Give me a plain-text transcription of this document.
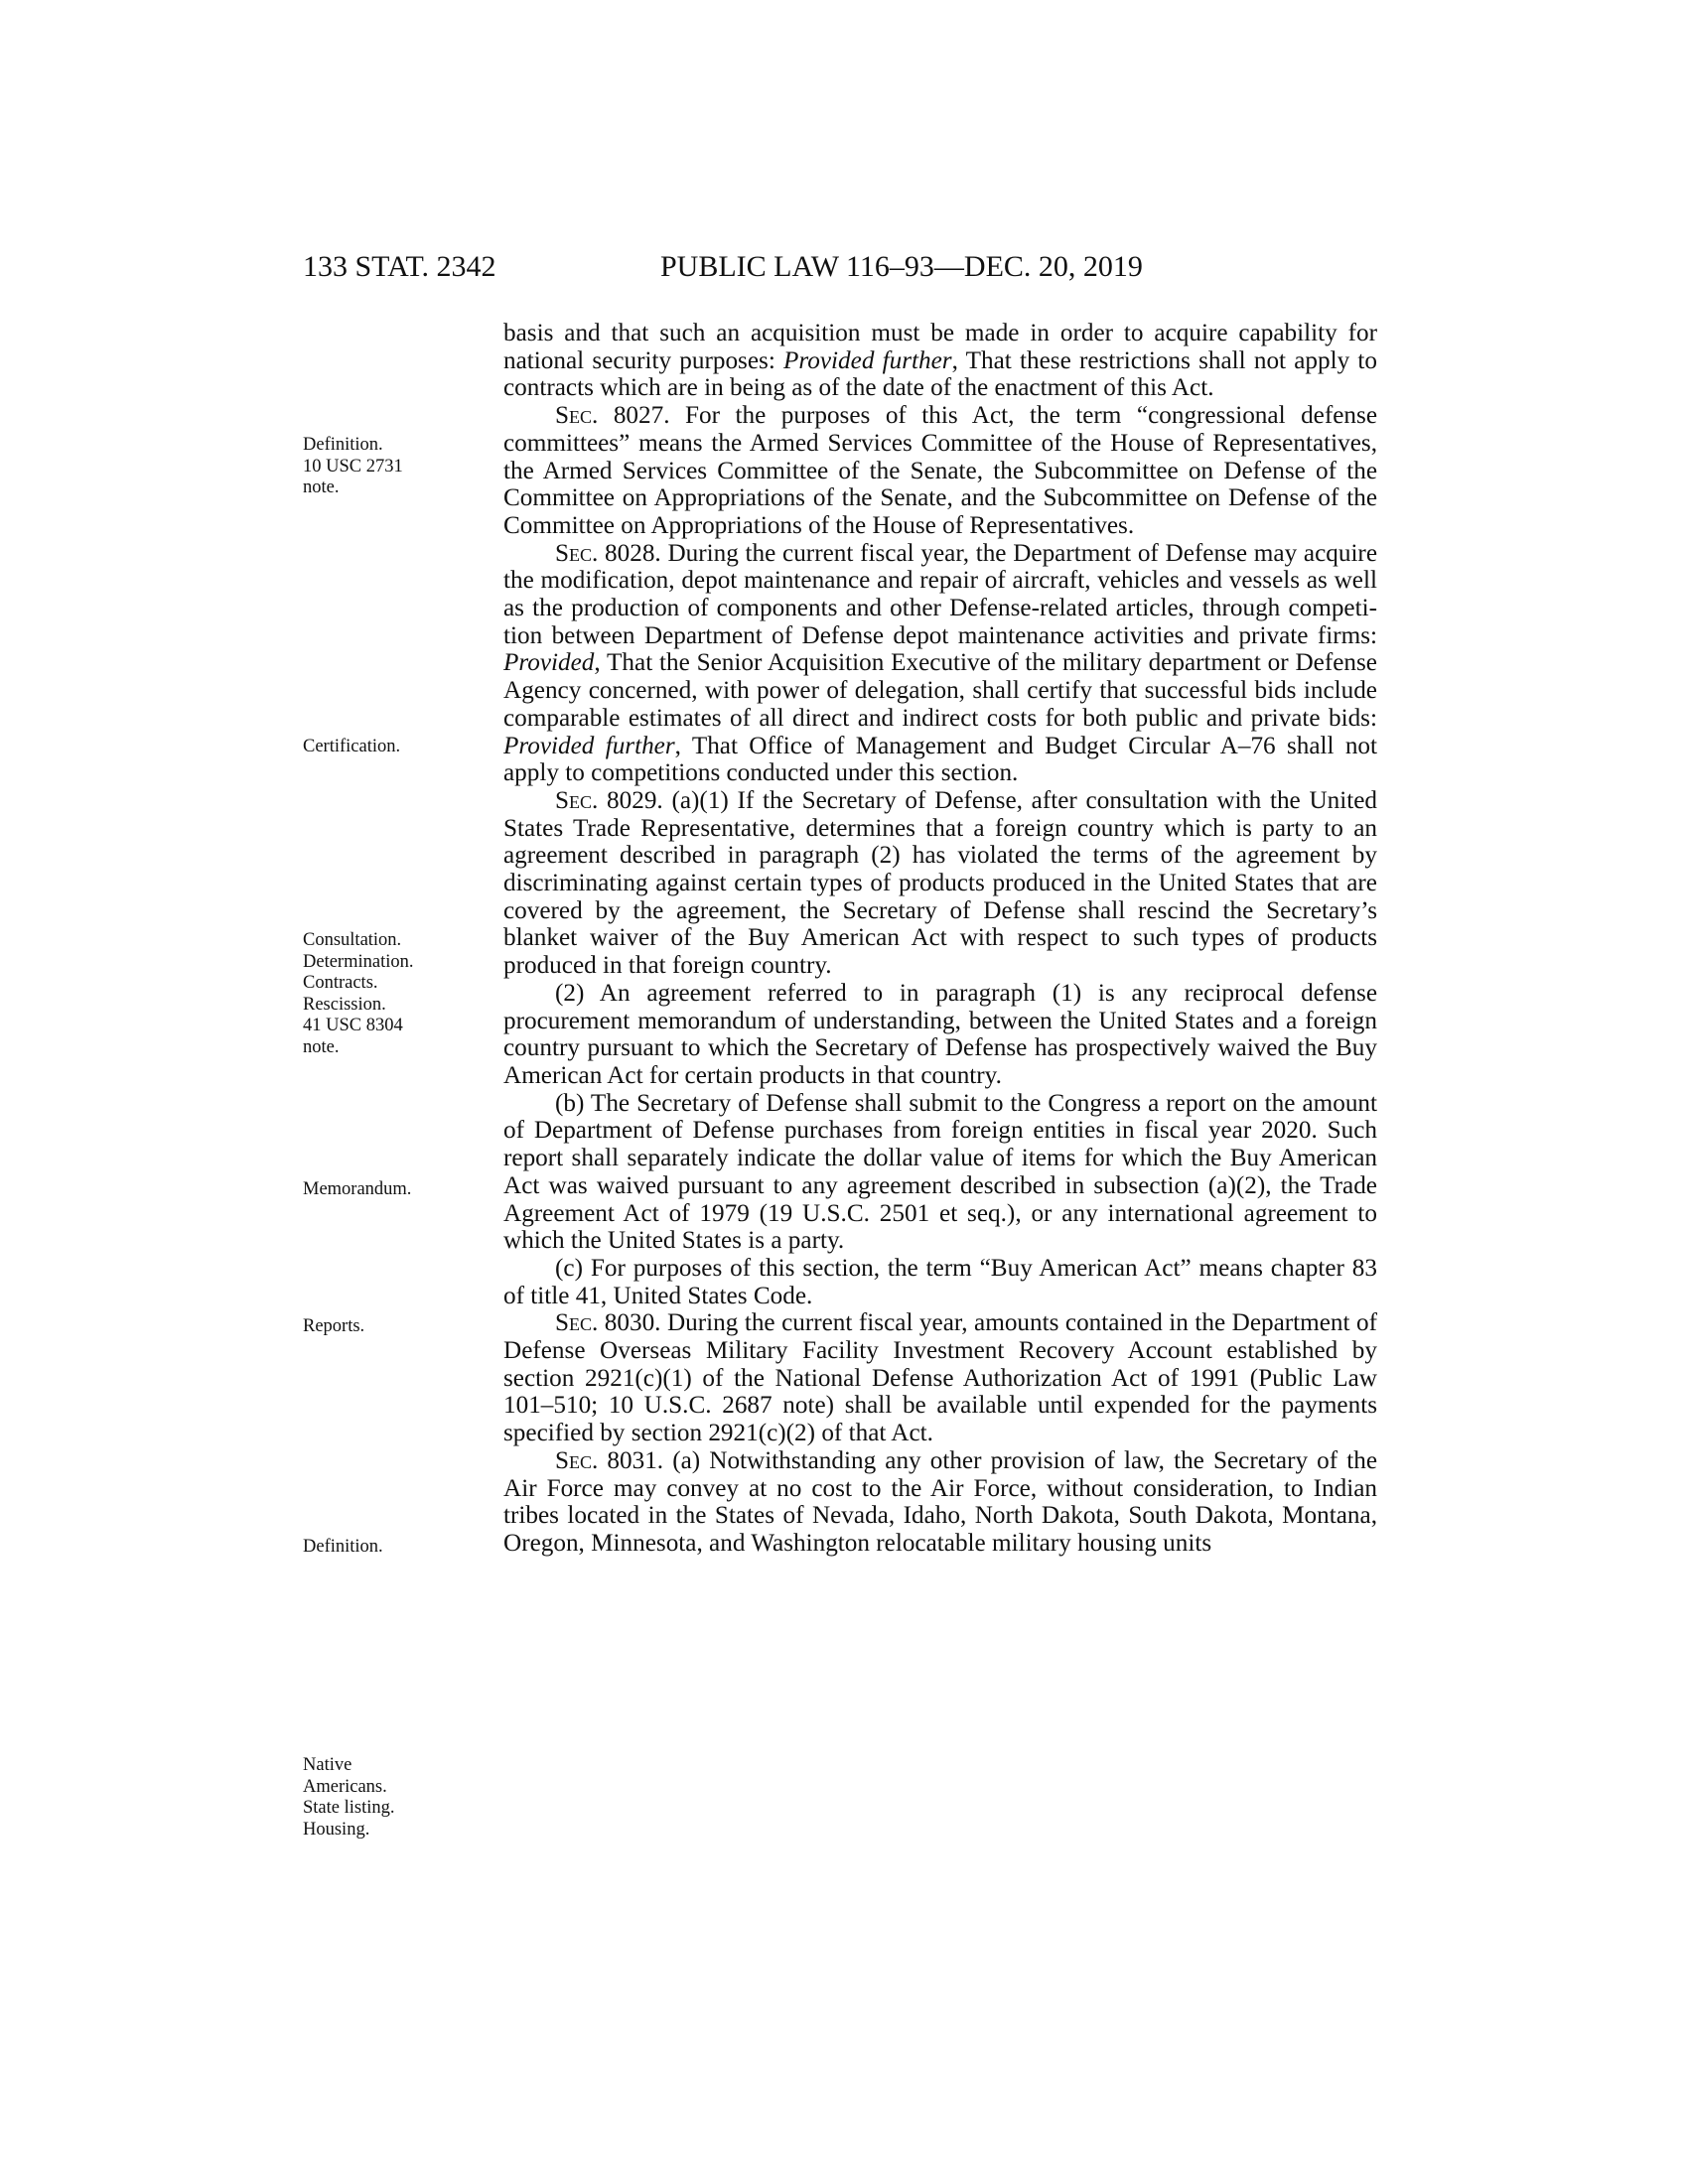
133 STAT. 2342	PUBLIC LAW 116–93—DEC. 20, 2019
Definition.
10 USC 2731
note.
Certification.
Consultation.
Determination.
Contracts.
Rescission.
41 USC 8304
note.
Memorandum.
Reports.
Definition.
Native
Americans.
State listing.
Housing.

basis and that such an acquisition must be made in order to acquire capability for national security purposes: Provided further, That these restrictions shall not apply to contracts which are in being as of the date of the enactment of this Act.

Sec. 8027. For the purposes of this Act, the term “congressional defense committees” means the Armed Services Committee of the House of Representatives, the Armed Services Committee of the Senate, the Subcommittee on Defense of the Committee on Appropriations of the Senate, and the Subcommittee on Defense of the Committee on Appropriations of the House of Representatives.

Sec. 8028. During the current fiscal year, the Department of Defense may acquire the modification, depot maintenance and repair of aircraft, vehicles and vessels as well as the production of components and other Defense-related articles, through competition between Department of Defense depot maintenance activities and private firms: Provided, That the Senior Acquisition Executive of the military department or Defense Agency concerned, with power of delegation, shall certify that successful bids include comparable estimates of all direct and indirect costs for both public and private bids: Provided further, That Office of Management and Budget Circular A–76 shall not apply to competitions conducted under this section.

Sec. 8029. (a)(1) If the Secretary of Defense, after consultation with the United States Trade Representative, determines that a foreign country which is party to an agreement described in paragraph (2) has violated the terms of the agreement by discriminating against certain types of products produced in the United States that are covered by the agreement, the Secretary of Defense shall rescind the Secretary’s blanket waiver of the Buy American Act with respect to such types of products produced in that foreign country.

(2) An agreement referred to in paragraph (1) is any reciprocal defense procurement memorandum of understanding, between the United States and a foreign country pursuant to which the Secretary of Defense has prospectively waived the Buy American Act for certain products in that country.

(b) The Secretary of Defense shall submit to the Congress a report on the amount of Department of Defense purchases from foreign entities in fiscal year 2020. Such report shall separately indicate the dollar value of items for which the Buy American Act was waived pursuant to any agreement described in subsection (a)(2), the Trade Agreement Act of 1979 (19 U.S.C. 2501 et seq.), or any international agreement to which the United States is a party.

(c) For purposes of this section, the term “Buy American Act” means chapter 83 of title 41, United States Code.

Sec. 8030. During the current fiscal year, amounts contained in the Department of Defense Overseas Military Facility Investment Recovery Account established by section 2921(c)(1) of the National Defense Authorization Act of 1991 (Public Law 101–510; 10 U.S.C. 2687 note) shall be available until expended for the payments specified by section 2921(c)(2) of that Act.

Sec. 8031. (a) Notwithstanding any other provision of law, the Secretary of the Air Force may convey at no cost to the Air Force, without consideration, to Indian tribes located in the States of Nevada, Idaho, North Dakota, South Dakota, Montana, Oregon, Minnesota, and Washington relocatable military housing units
